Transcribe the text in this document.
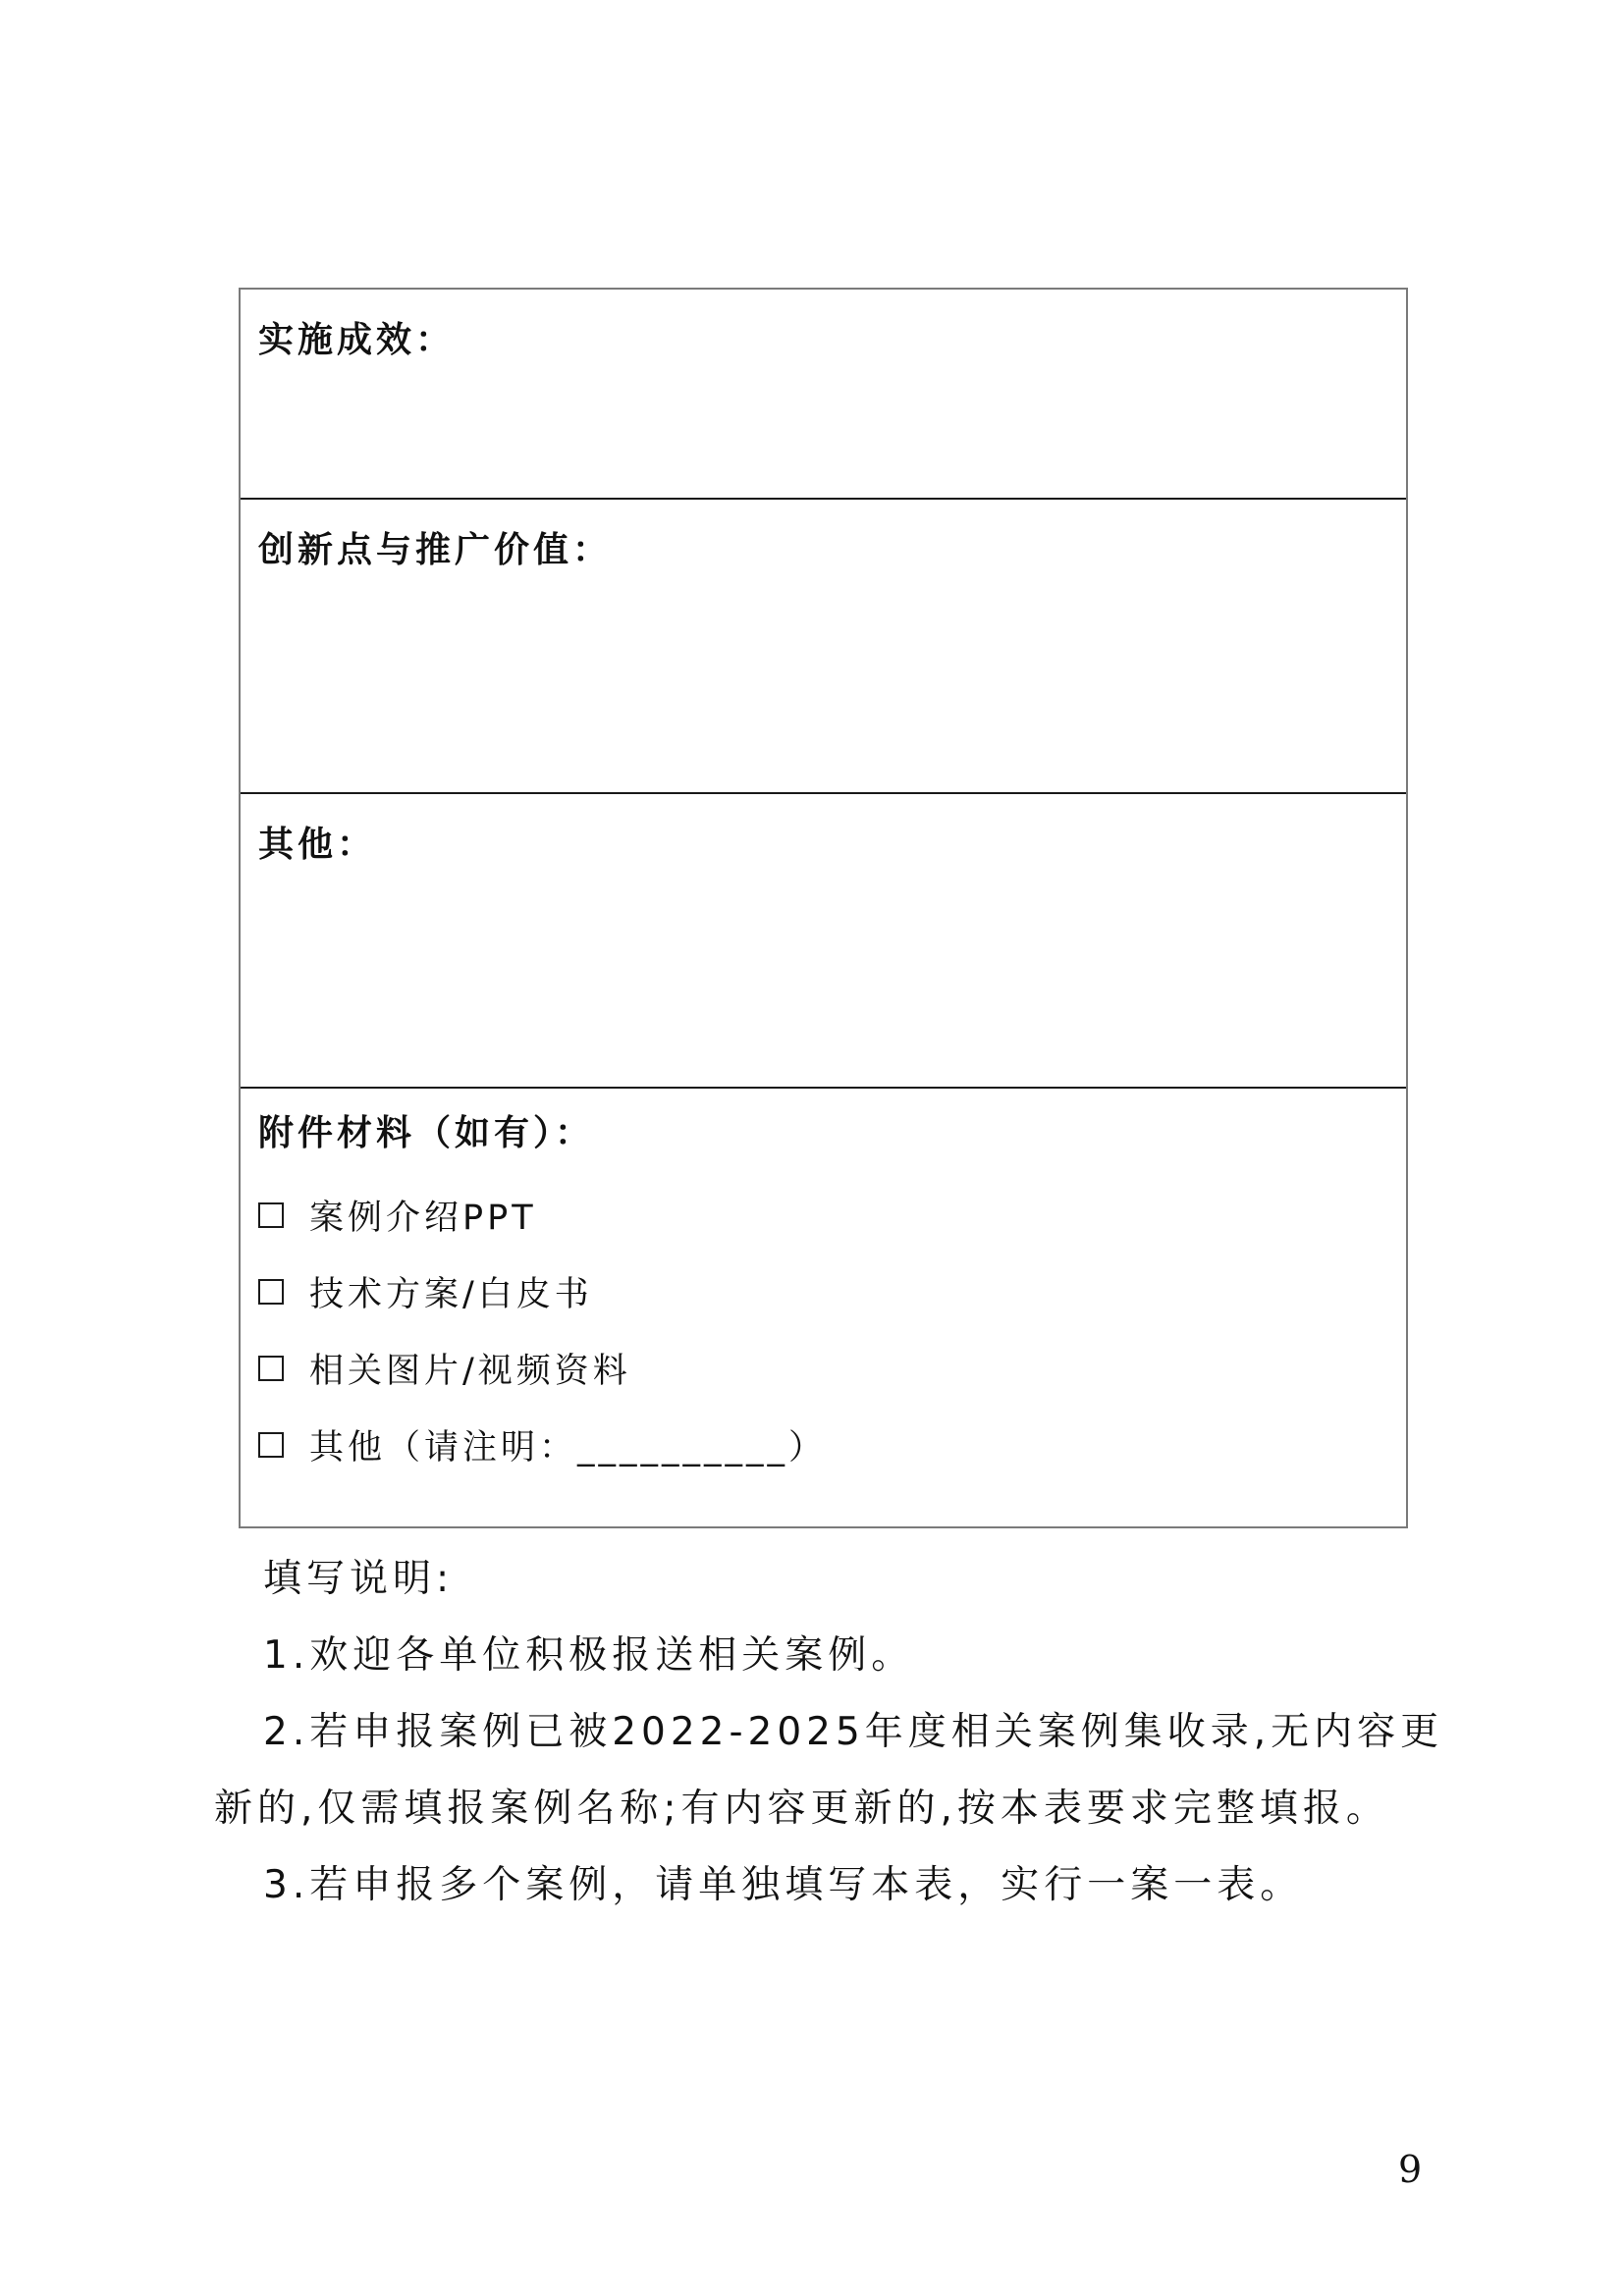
实施成效：
创新点与推广价值：
其他：
附件材料（如有）：
案例介绍PPT
技术方案/白皮书
相关图片/视频资料
其他（请注明：__________）
填写说明:
1.欢迎各单位积极报送相关案例。
2.若申报案例已被2022-2025年度相关案例集收录,无内容更
新的,仅需填报案例名称;有内容更新的,按本表要求完整填报。
3.若申报多个案例，请单独填写本表，实行一案一表。
9
